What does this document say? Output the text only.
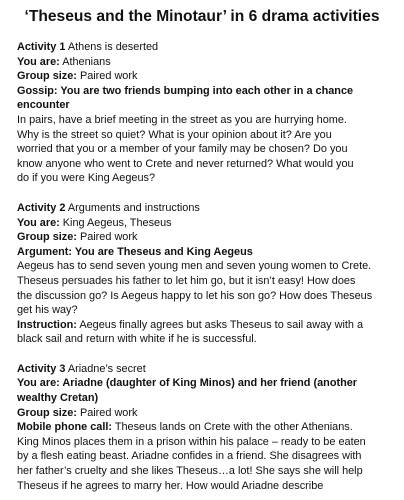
‘Theseus and the Minotaur’ in 6 drama activities
Activity 1 Athens is deserted
You are: Athenians
Group size: Paired work
Gossip: You are two friends bumping into each other in a chance
encounter
In pairs, have a brief meeting in the street as you are hurrying home.
Why is the street so quiet? What is your opinion about it? Are you
worried that you or a member of your family may be chosen? Do you
know anyone who went to Crete and never returned? What would you
do if you were King Aegeus?
Activity 2 Arguments and instructions
You are: King Aegeus, Theseus
Group size: Paired work
Argument: You are Theseus and King Aegeus
Aegeus has to send seven young men and seven young women to Crete.
Theseus persuades his father to let him go, but it isn’t easy! How does
the discussion go? Is Aegeus happy to let his son go? How does Theseus
get his way?
Instruction: Aegeus finally agrees but asks Theseus to sail away with a
black sail and return with white if he is successful.
Activity 3 Ariadne’s secret
You are: Ariadne (daughter of King Minos) and her friend (another
wealthy Cretan)
Group size: Paired work
Mobile phone call: Theseus lands on Crete with the other Athenians.
King Minos places them in a prison within his palace – ready to be eaten
by a flesh eating beast. Ariadne confides in a friend. She disagrees with
her father’s cruelty and she likes Theseus…a lot! She says she will help
Theseus if he agrees to marry her. How would Ariadne describe
